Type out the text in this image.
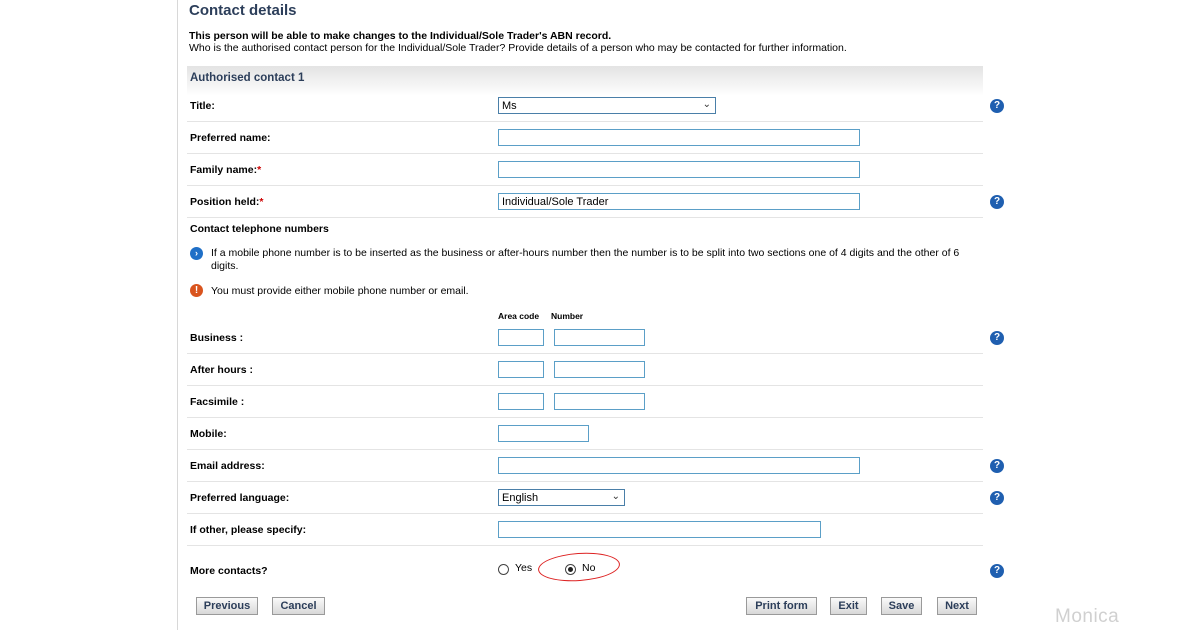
Contact details
This person will be able to make changes to the Individual/Sole Trader's ABN record.
Who is the authorised contact person for the Individual/Sole Trader? Provide details of a person who may be contacted for further information.
Authorised contact 1
Title:	Ms	⌄	?
Preferred name:
Family name:*
Position held:*	Individual/Sole Trader	?
Contact telephone numbers
›	If a mobile phone number is to be inserted as the business or after-hours number then the number is to be split into two sections one of 4 digits and the other of 6 digits.
!	You must provide either mobile phone number or email.
Area code Number
Business :	?
After hours :
Facsimile :
Mobile:
Email address:	?
Preferred language:	English	⌄	?
If other, please specify:
More contacts?	Yes	No	?
Previous	Cancel	Print form	Exit	Save	Next	Monica
